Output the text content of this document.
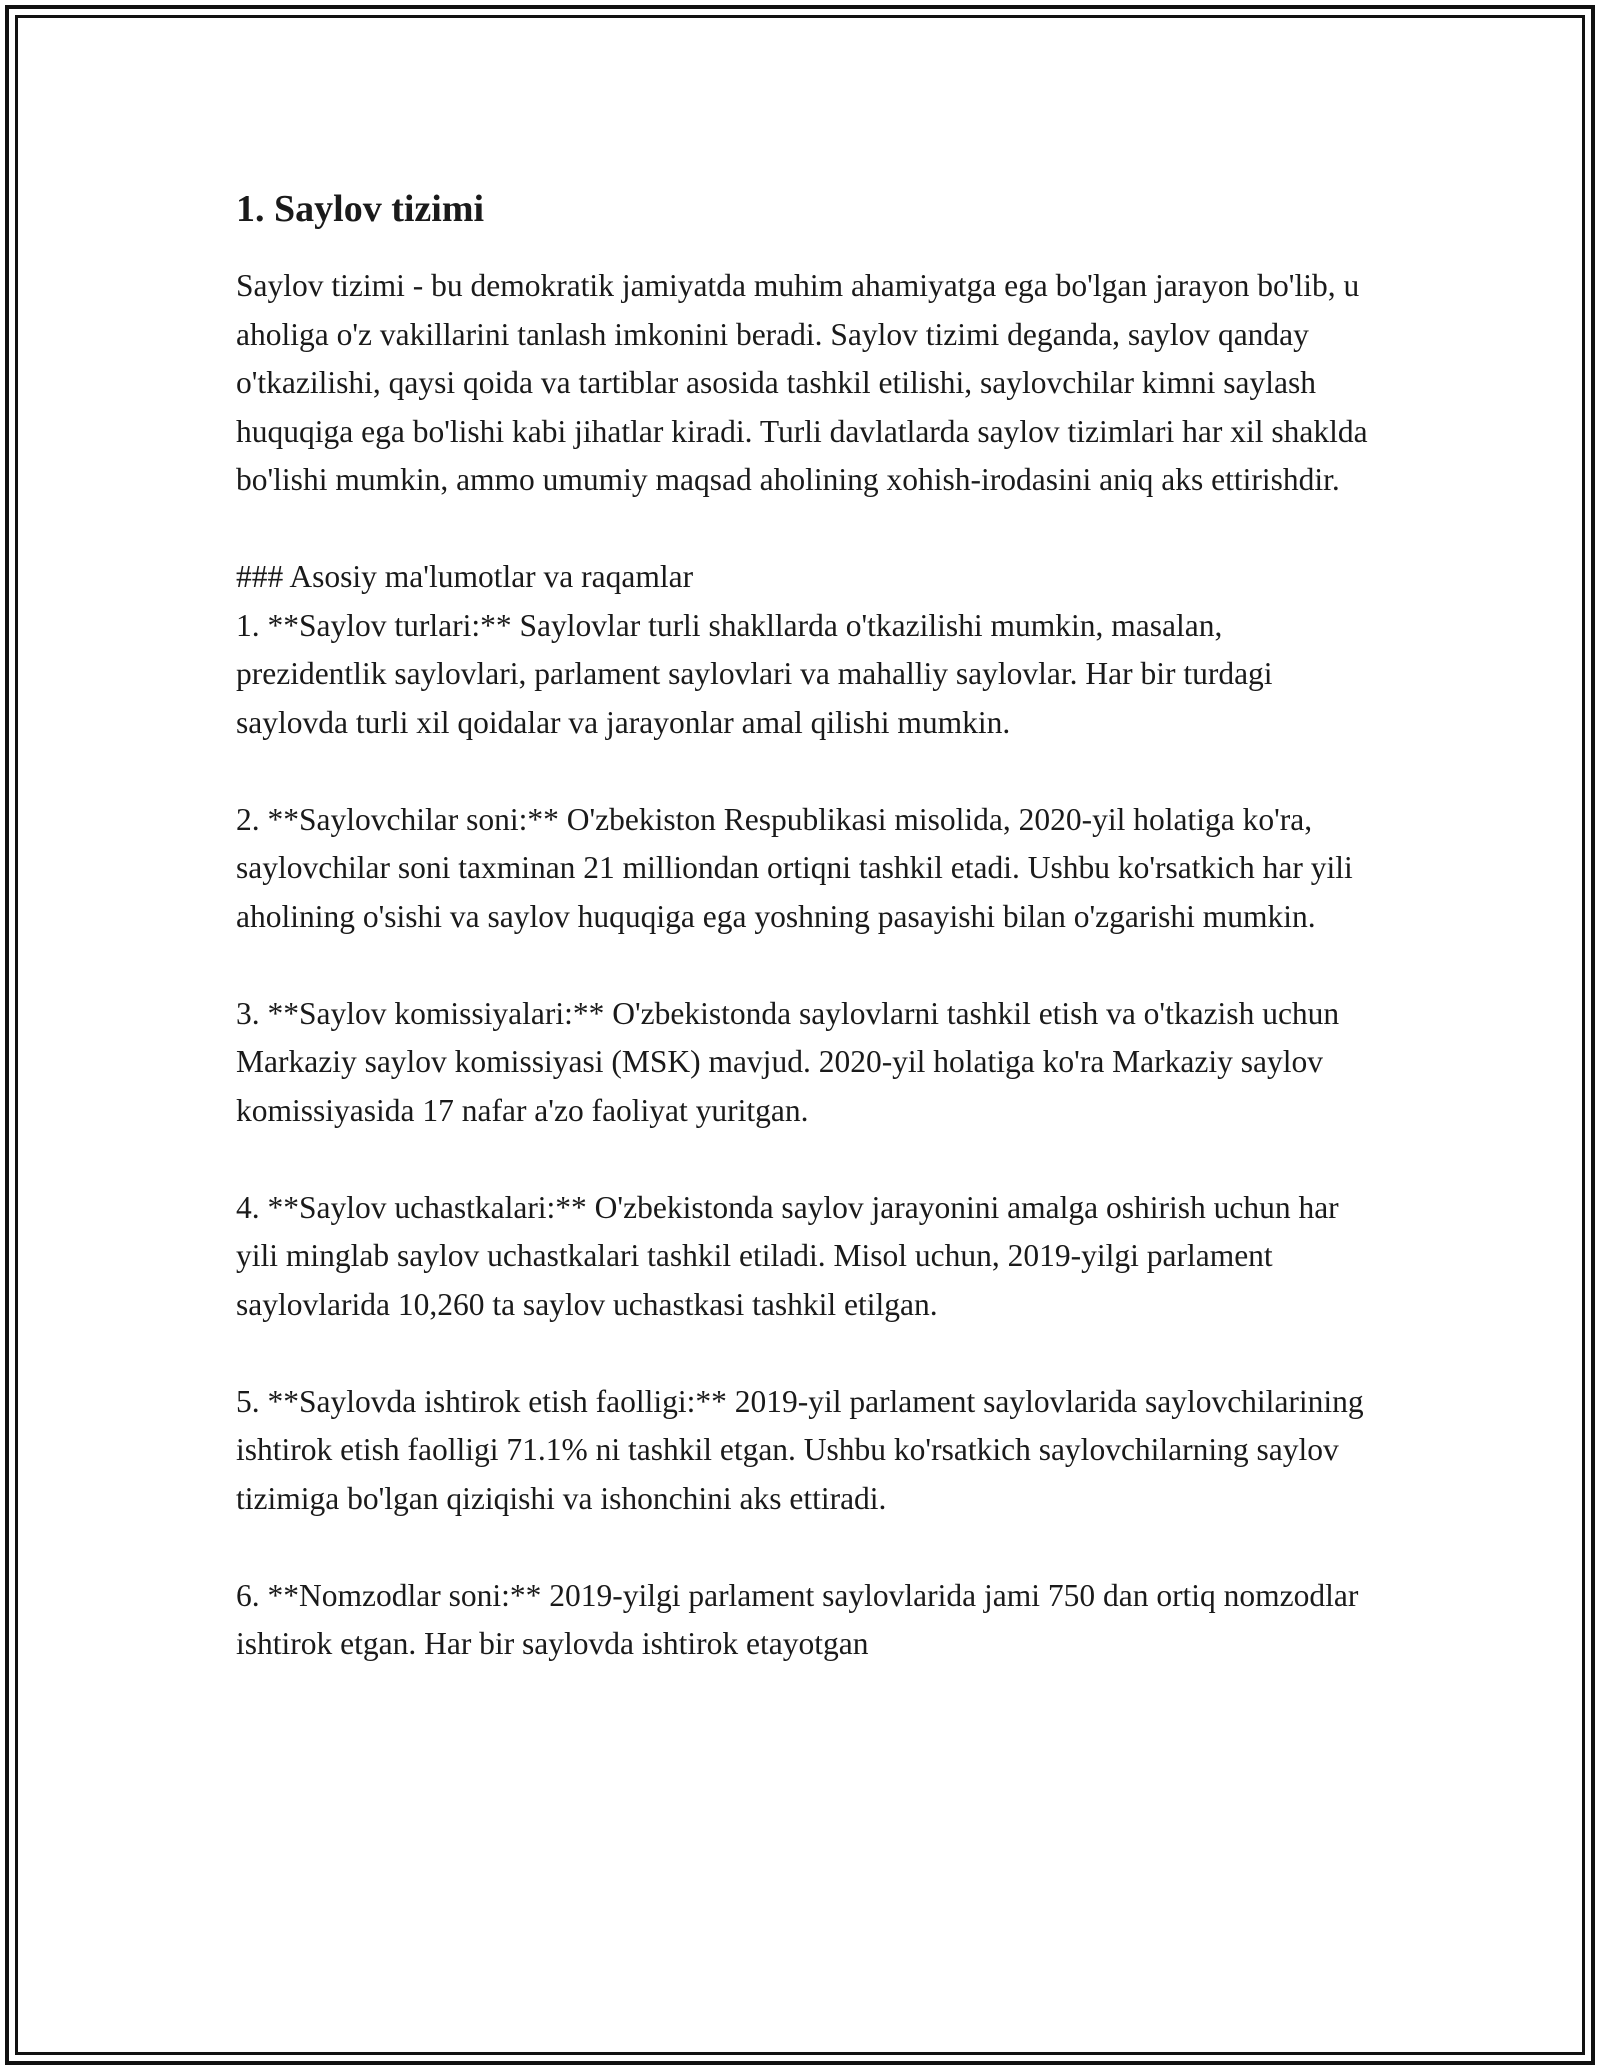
1. Saylov tizimi

Saylov tizimi - bu demokratik jamiyatda muhim ahamiyatga ega bo'lgan jarayon bo'lib, u aholiga o'z vakillarini tanlash imkonini beradi. Saylov tizimi deganda, saylov qanday o'tkazilishi, qaysi qoida va tartiblar asosida tashkil etilishi, saylovchilar kimni saylash huquqiga ega bo'lishi kabi jihatlar kiradi. Turli davlatlarda saylov tizimlari har xil shaklda bo'lishi mumkin, ammo umumiy maqsad aholining xohish-irodasini aniq aks ettirishdir.

### Asosiy ma'lumotlar va raqamlar

1. **Saylov turlari:** Saylovlar turli shakllarda o'tkazilishi mumkin, masalan, prezidentlik saylovlari, parlament saylovlari va mahalliy saylovlar. Har bir turdagi saylovda turli xil qoidalar va jarayonlar amal qilishi mumkin.

2. **Saylovchilar soni:** O'zbekiston Respublikasi misolida, 2020-yil holatiga ko'ra, saylovchilar soni taxminan 21 milliondan ortiqni tashkil etadi. Ushbu ko'rsatkich har yili aholining o'sishi va saylov huquqiga ega yoshning pasayishi bilan o'zgarishi mumkin.

3. **Saylov komissiyalari:** O'zbekistonda saylovlarni tashkil etish va o'tkazish uchun Markaziy saylov komissiyasi (MSK) mavjud. 2020-yil holatiga ko'ra Markaziy saylov komissiyasida 17 nafar a'zo faoliyat yuritgan.

4. **Saylov uchastkalari:** O'zbekistonda saylov jarayonini amalga oshirish uchun har yili minglab saylov uchastkalari tashkil etiladi. Misol uchun, 2019-yilgi parlament saylovlarida 10,260 ta saylov uchastkasi tashkil etilgan.

5. **Saylovda ishtirok etish faolligi:** 2019-yil parlament saylovlarida saylovchilarining ishtirok etish faolligi 71.1% ni tashkil etgan. Ushbu ko'rsatkich saylovchilarning saylov tizimiga bo'lgan qiziqishi va ishonchini aks ettiradi.

6. **Nomzodlar soni:** 2019-yilgi parlament saylovlarida jami 750 dan ortiq nomzodlar ishtirok etgan. Har bir saylovda ishtirok etayotgan
